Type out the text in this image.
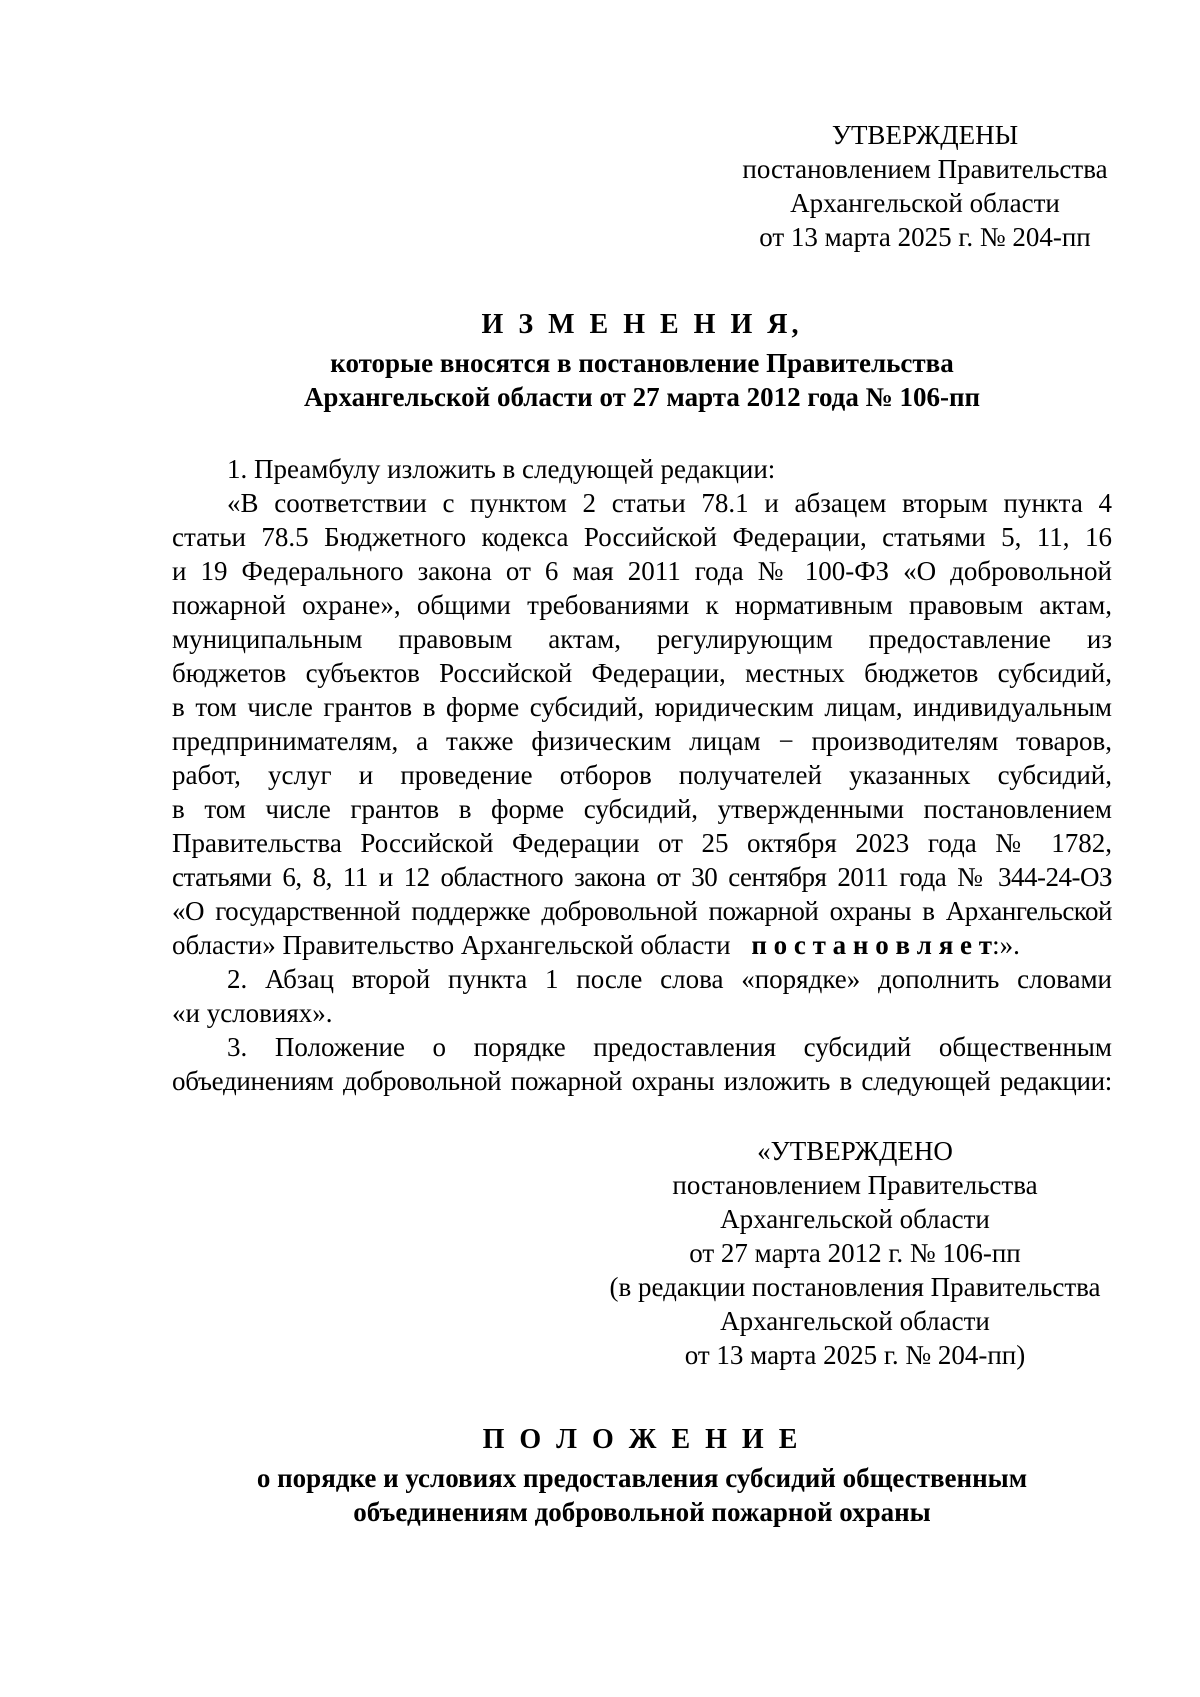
УТВЕРЖДЕНЫ
постановлением Правительства
Архангельской области
от 13 марта 2025 г. № 204-пп
И З М Е Н Е Н И Я,
которые вносятся в постановление Правительства
Архангельской области от 27 марта 2012 года № 106-пп
1. Преамбулу изложить в следующей редакции:
«В соответствии с пунктом 2 статьи 78.1 и абзацем вторым пункта 4
статьи 78.5 Бюджетного кодекса Российской Федерации, статьями 5, 11, 16
и 19 Федерального закона от 6 мая 2011 года № 100-ФЗ «О добровольной
пожарной охране», общими требованиями к нормативным правовым актам,
муниципальным правовым актам, регулирующим предоставление из
бюджетов субъектов Российской Федерации, местных бюджетов субсидий,
в том числе грантов в форме субсидий, юридическим лицам, индивидуальным
предпринимателям, а также физическим лицам − производителям товаров,
работ, услуг и проведение отборов получателей указанных субсидий,
в том числе грантов в форме субсидий, утвержденными постановлением
Правительства Российской Федерации от 25 октября 2023 года № 1782,
статьями 6, 8, 11 и 12 областного закона от 30 сентября 2011 года № 344-24-ОЗ
«О государственной поддержке добровольной пожарной охраны в Архангельской
области» Правительство Архангельской области п о с т а н о в л я е т:».
2. Абзац второй пункта 1 после слова «порядке» дополнить словами
«и условиях».
3. Положение о порядке предоставления субсидий общественным
объединениям добровольной пожарной охраны изложить в следующей редакции:
«УТВЕРЖДЕНО
постановлением Правительства
Архангельской области
от 27 марта 2012 г. № 106-пп
(в редакции постановления Правительства
Архангельской области
от 13 марта 2025 г. № 204-пп)
П О Л О Ж Е Н И Е
о порядке и условиях предоставления субсидий общественным
объединениям добровольной пожарной охраны
